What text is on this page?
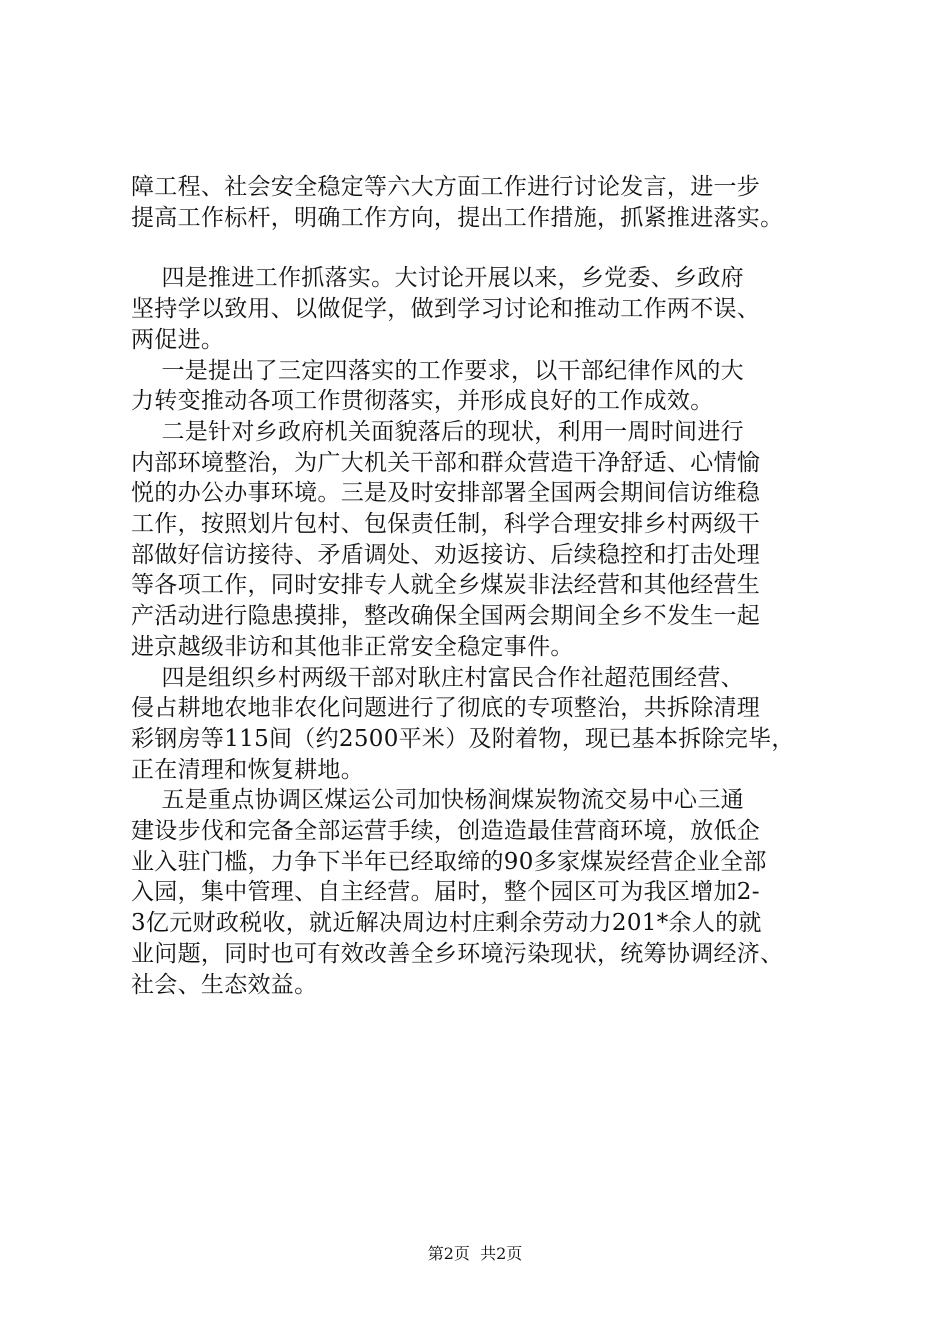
障工程、社会安全稳定等六大方面工作进行讨论发言，进一步
提高工作标杆，明确工作方向，提出工作措施，抓紧推进落实。
四是推进工作抓落实。大讨论开展以来，乡党委、乡政府
坚持学以致用、以做促学，做到学习讨论和推动工作两不误、
两促进。
一是提出了三定四落实的工作要求，以干部纪律作风的大
力转变推动各项工作贯彻落实，并形成良好的工作成效。
二是针对乡政府机关面貌落后的现状，利用一周时间进行
内部环境整治，为广大机关干部和群众营造干净舒适、心情愉
悦的办公办事环境。三是及时安排部署全国两会期间信访维稳
工作，按照划片包村、包保责任制，科学合理安排乡村两级干
部做好信访接待、矛盾调处、劝返接访、后续稳控和打击处理
等各项工作，同时安排专人就全乡煤炭非法经营和其他经营生
产活动进行隐患摸排，整改确保全国两会期间全乡不发生一起
进京越级非访和其他非正常安全稳定事件。
四是组织乡村两级干部对耿庄村富民合作社超范围经营、
侵占耕地农地非农化问题进行了彻底的专项整治，共拆除清理
彩钢房等115间（约2500平米）及附着物，现已基本拆除完毕，
正在清理和恢复耕地。
五是重点协调区煤运公司加快杨涧煤炭物流交易中心三通
建设步伐和完备全部运营手续，创造造最佳营商环境，放低企
业入驻门槛，力争下半年已经取缔的90多家煤炭经营企业全部
入园，集中管理、自主经营。届时，整个园区可为我区增加2-
3亿元财政税收，就近解决周边村庄剩余劳动力201*余人的就
业问题，同时也可有效改善全乡环境污染现状，统筹协调经济、
社会、生态效益。
第2页  共2页
